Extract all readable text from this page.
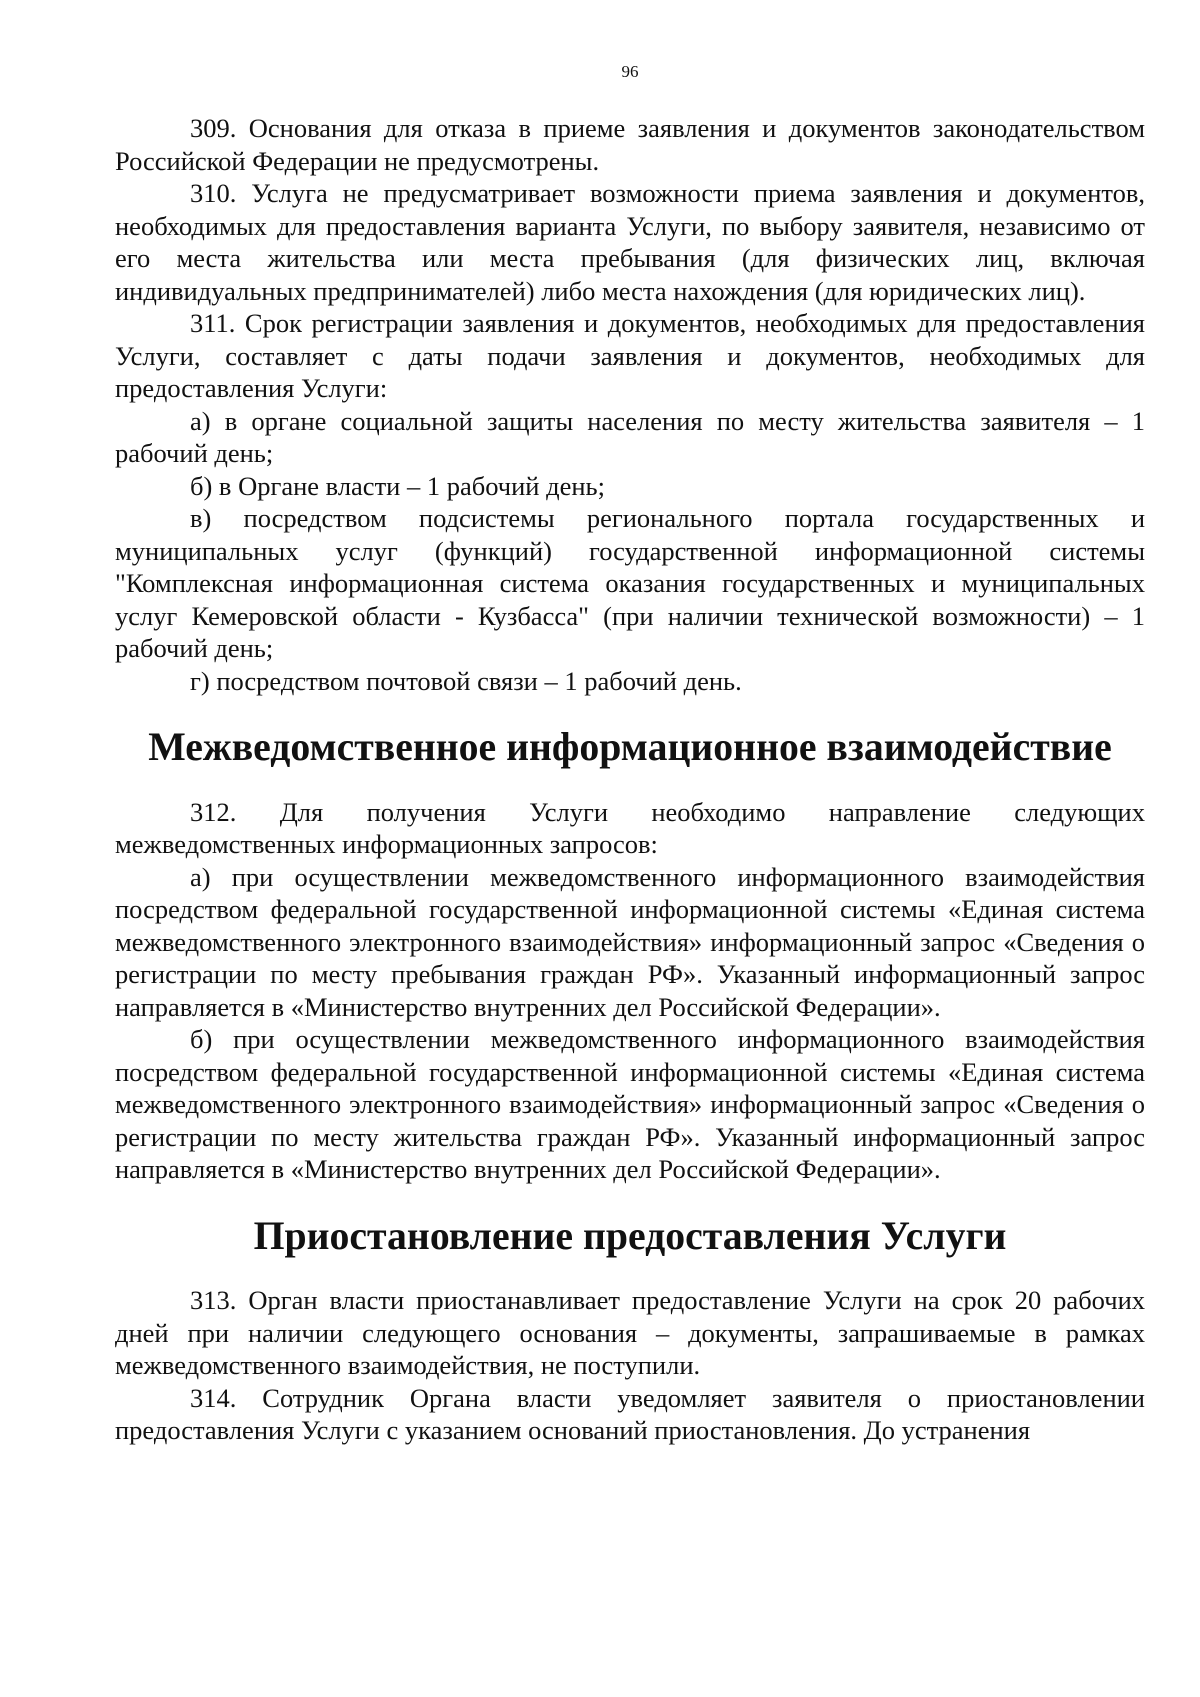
96

309. Основания для отказа в приеме заявления и документов законодательством Российской Федерации не предусмотрены.

310. Услуга не предусматривает возможности приема заявления и документов, необходимых для предоставления варианта Услуги, по выбору заявителя, независимо от его места жительства или места пребывания (для физических лиц, включая индивидуальных предпринимателей) либо места нахождения (для юридических лиц).

311. Срок регистрации заявления и документов, необходимых для предоставления Услуги, составляет с даты подачи заявления и документов, необходимых для предоставления Услуги:

а) в органе социальной защиты населения по месту жительства заявителя – 1 рабочий день;

б) в Органе власти – 1 рабочий день;

в) посредством подсистемы регионального портала государственных и муниципальных услуг (функций) государственной информационной системы "Комплексная информационная система оказания государственных и муниципальных услуг Кемеровской области - Кузбасса" (при наличии технической возможности) – 1 рабочий день;

г) посредством почтовой связи – 1 рабочий день.

Межведомственное информационное взаимодействие

312. Для получения Услуги необходимо направление следующих межведомственных информационных запросов:

а) при осуществлении межведомственного информационного взаимодействия посредством федеральной государственной информационной системы «Единая система межведомственного электронного взаимодействия» информационный запрос «Сведения о регистрации по месту пребывания граждан РФ». Указанный информационный запрос направляется в «Министерство внутренних дел Российской Федерации».

б) при осуществлении межведомственного информационного взаимодействия посредством федеральной государственной информационной системы «Единая система межведомственного электронного взаимодействия» информационный запрос «Сведения о регистрации по месту жительства граждан РФ». Указанный информационный запрос направляется в «Министерство внутренних дел Российской Федерации».

Приостановление предоставления Услуги

313. Орган власти приостанавливает предоставление Услуги на срок 20 рабочих дней при наличии следующего основания – документы, запрашиваемые в рамках межведомственного взаимодействия, не поступили.

314. Сотрудник Органа власти уведомляет заявителя о приостановлении предоставления Услуги с указанием оснований приостановления. До устранения
